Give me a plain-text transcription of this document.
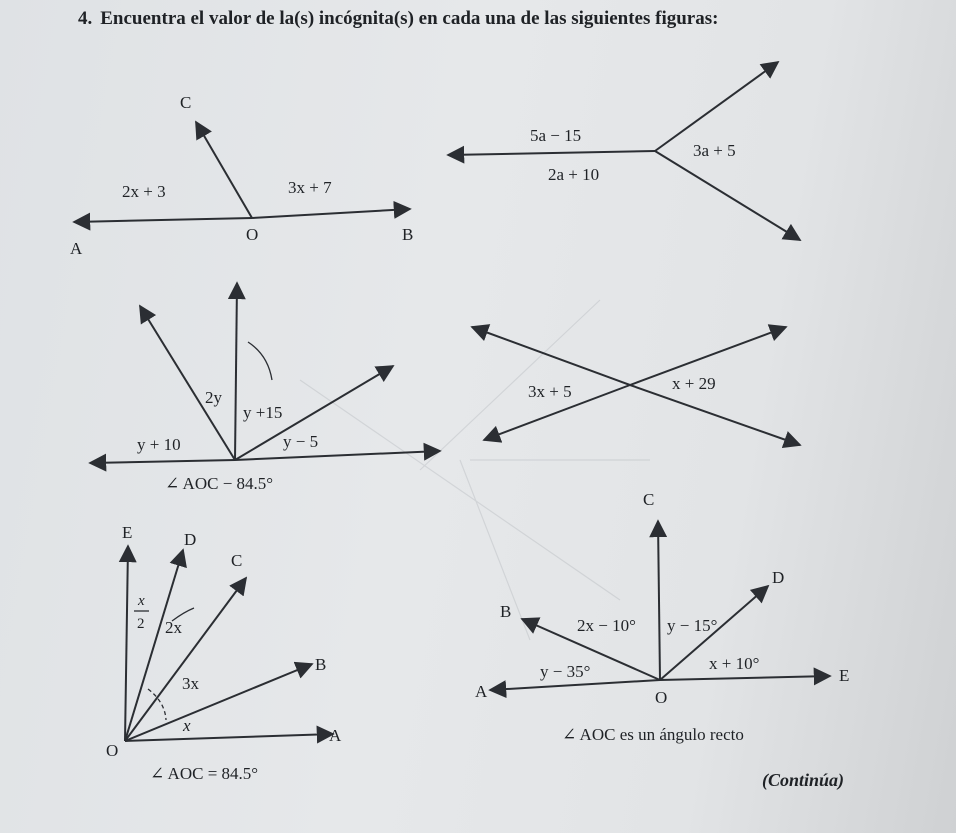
4. Encuentra el valor de la(s) incógnita(s) en cada una de las siguientes figuras:
C
2x + 3	3x + 7
A
O	B
5a − 15
3a + 5
2a + 10
2y
y +15
y + 10	y − 5
∠ AOC − 84.5°
3x + 5	x + 29
E	D
C
x
2 2x
3x
x
B
A
O
∠ AOC = 84.5°
C
D
B
2x − 10° y − 15°
y − 35°	x + 10°
A
E
O
∠ AOC es un ángulo recto
(Continúa)
